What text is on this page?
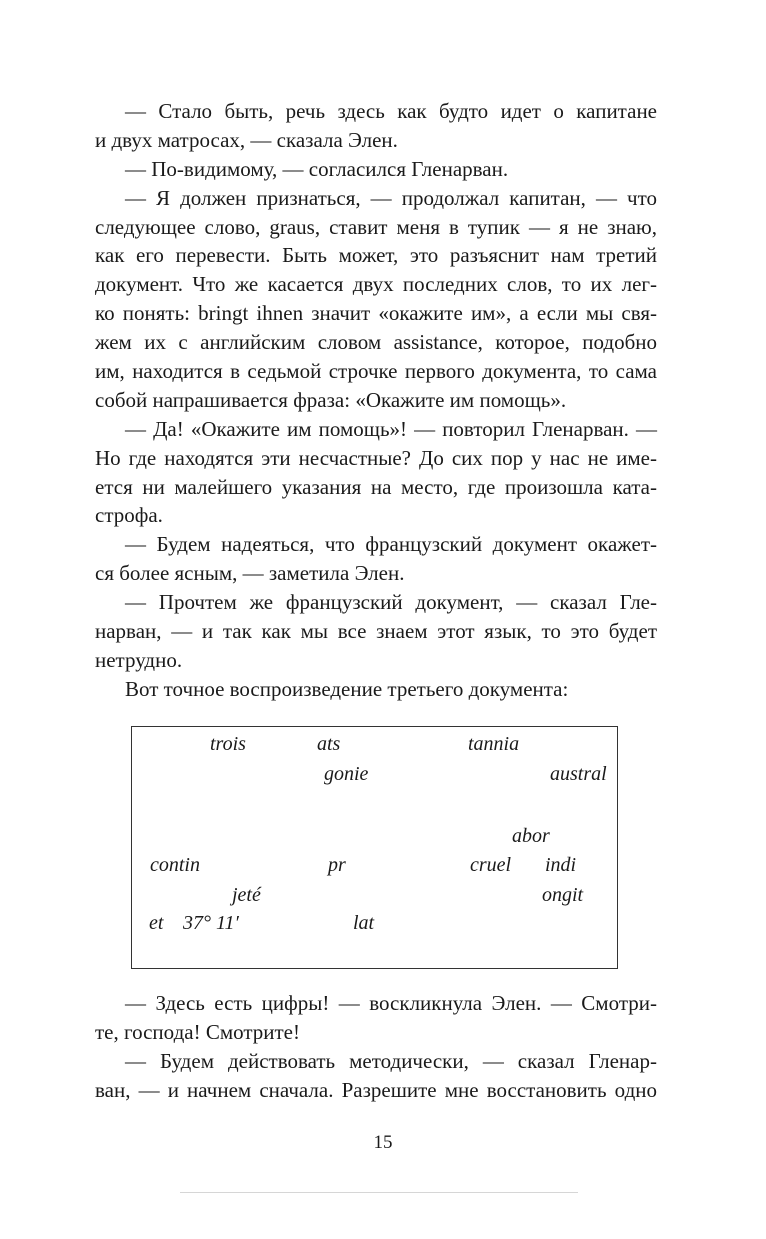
— Стало быть, речь здесь как будто идет о капитане
и двух матросах, — сказала Элен.
— По-видимому, — согласился Гленарван.
— Я должен признаться, — продолжал капитан, — что
следующее слово, graus, ставит меня в тупик — я не знаю,
как его перевести. Быть может, это разъяснит нам третий
документ. Что же касается двух последних слов, то их лег-
ко понять: bringt ihnen значит «окажите им», а если мы свя-
жем их с английским словом assistance, которое, подобно
им, находится в седьмой строчке первого документа, то сама
собой напрашивается фраза: «Окажите им помощь».
— Да! «Окажите им помощь»! — повторил Гленарван. —
Но где находятся эти несчастные? До сих пор у нас не име-
ется ни малейшего указания на место, где произошла ката-
строфа.
— Будем надеяться, что французский документ окажет-
ся более ясным, — заметила Элен.
— Прочтем же французский документ, — сказал Гле-
нарван, — и так как мы все знаем этот язык, то это будет
нетрудно.
Вот точное воспроизведение третьего документа:
trois	ats	tannia
gonie	austral
abor
contin	pr	cruel indi
jeté	ongit
et 37° 11′	lat
— Здесь есть цифры! — воскликнула Элен. — Смотри-
те, господа! Смотрите!
— Будем действовать методически, — сказал Гленар-
ван, — и начнем сначала. Разрешите мне восстановить одно
15
